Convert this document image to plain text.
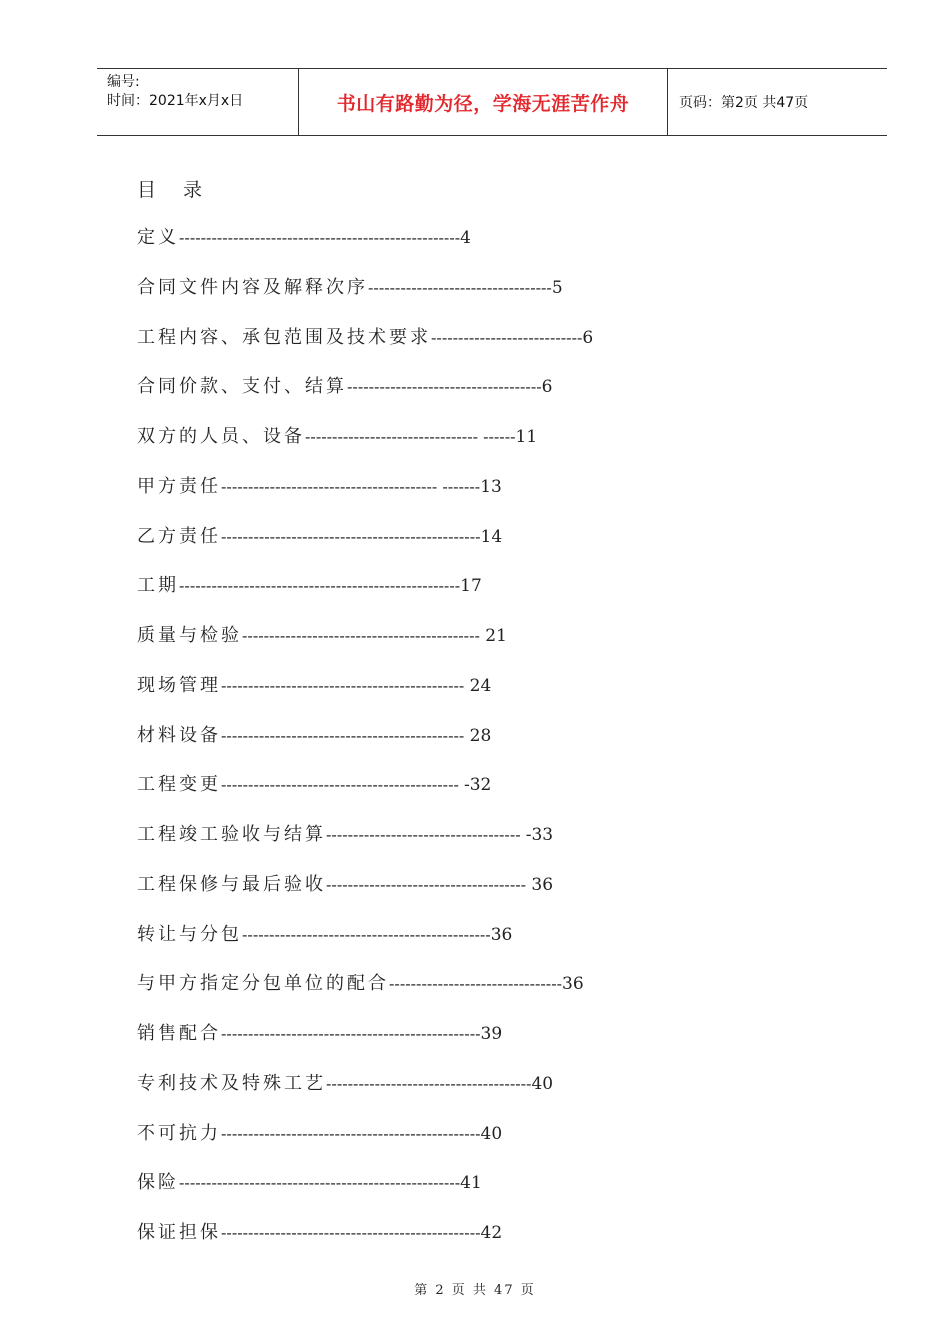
编号:
时间：2021年x月x日	书山有路勤为径，学海无涯苦作舟	页码：第2页 共47页
目　录
定义----------------------------------------------------4
合同文件内容及解释次序----------------------------------5
工程内容、承包范围及技术要求----------------------------6
合同价款、支付、结算------------------------------------6
双方的人员、设备-------------------------------- ------11
甲方责任---------------------------------------- -------13
乙方责任------------------------------------------------14
工期----------------------------------------------------17
质量与检验-------------------------------------------- 21
现场管理--------------------------------------------- 24
材料设备--------------------------------------------- 28
工程变更-------------------------------------------- -32
工程竣工验收与结算------------------------------------ -33
工程保修与最后验收------------------------------------- 36
转让与分包----------------------------------------------36
与甲方指定分包单位的配合--------------------------------36
销售配合------------------------------------------------39
专利技术及特殊工艺--------------------------------------40
不可抗力------------------------------------------------40
保险----------------------------------------------------41
保证担保------------------------------------------------42
第 2 页 共 47 页
